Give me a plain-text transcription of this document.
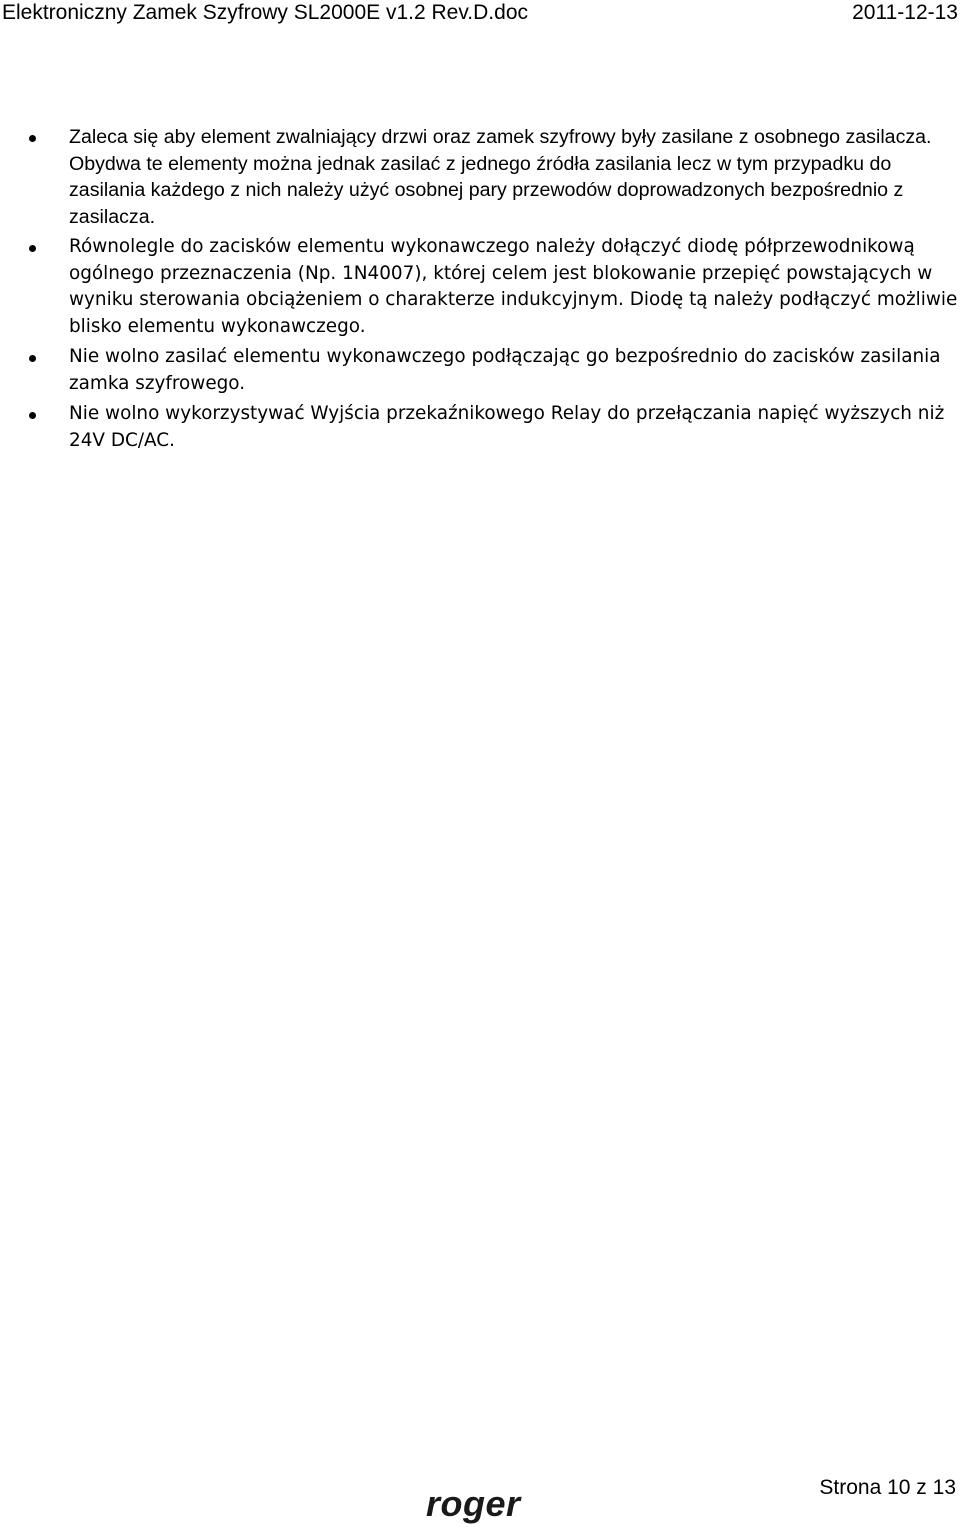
Elektroniczny Zamek Szyfrowy SL2000E v1.2 Rev.D.doc	2011-12-13
Zaleca się aby element zwalniający drzwi oraz zamek szyfrowy były zasilane z osobnego zasilacza. Obydwa te elementy można jednak zasilać z jednego źródła zasilania lecz w tym przypadku do zasilania każdego z nich należy użyć osobnej pary przewodów doprowadzonych bezpośrednio z zasilacza.
Równolegle do zacisków elementu wykonawczego należy dołączyć diodę półprzewodnikową ogólnego przeznaczenia (Np. 1N4007), której celem jest blokowanie przepięć powstających w wyniku sterowania obciążeniem o charakterze indukcyjnym. Diodę tą należy podłączyć możliwie blisko elementu wykonawczego.
Nie wolno zasilać elementu wykonawczego podłączając go bezpośrednio do zacisków zasilania zamka szyfrowego.
Nie wolno wykorzystywać Wyjścia przekaźnikowego Relay do przełączania napięć wyższych niż 24V DC/AC.
roger	Strona 10 z 13
